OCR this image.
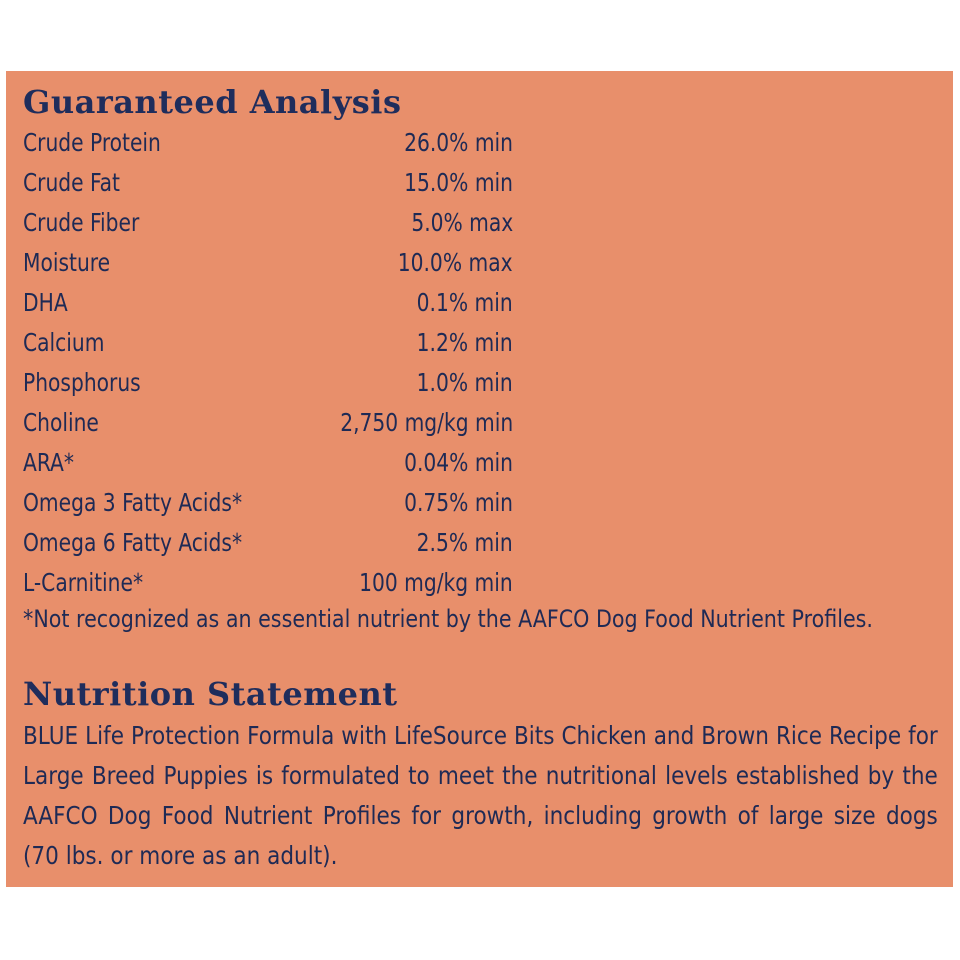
Guaranteed Analysis
Crude Protein	26.0% min
Crude Fat	15.0% min
Crude Fiber	5.0% max
Moisture	10.0% max
DHA	0.1% min
Calcium	1.2% min
Phosphorus	1.0% min
Choline	2,750 mg/kg min
ARA*	0.04% min
Omega 3 Fatty Acids*	0.75% min
Omega 6 Fatty Acids*	2.5% min
L-Carnitine*	100 mg/kg min
*Not recognized as an essential nutrient by the AAFCO Dog Food Nutrient Profiles.
Nutrition Statement
BLUE Life Protection Formula with LifeSource Bits Chicken and Brown Rice Recipe for Large Breed Puppies is formulated to meet the nutritional levels established by the AAFCO Dog Food Nutrient Profiles for growth, including growth of large size dogs (70 lbs. or more as an adult).
